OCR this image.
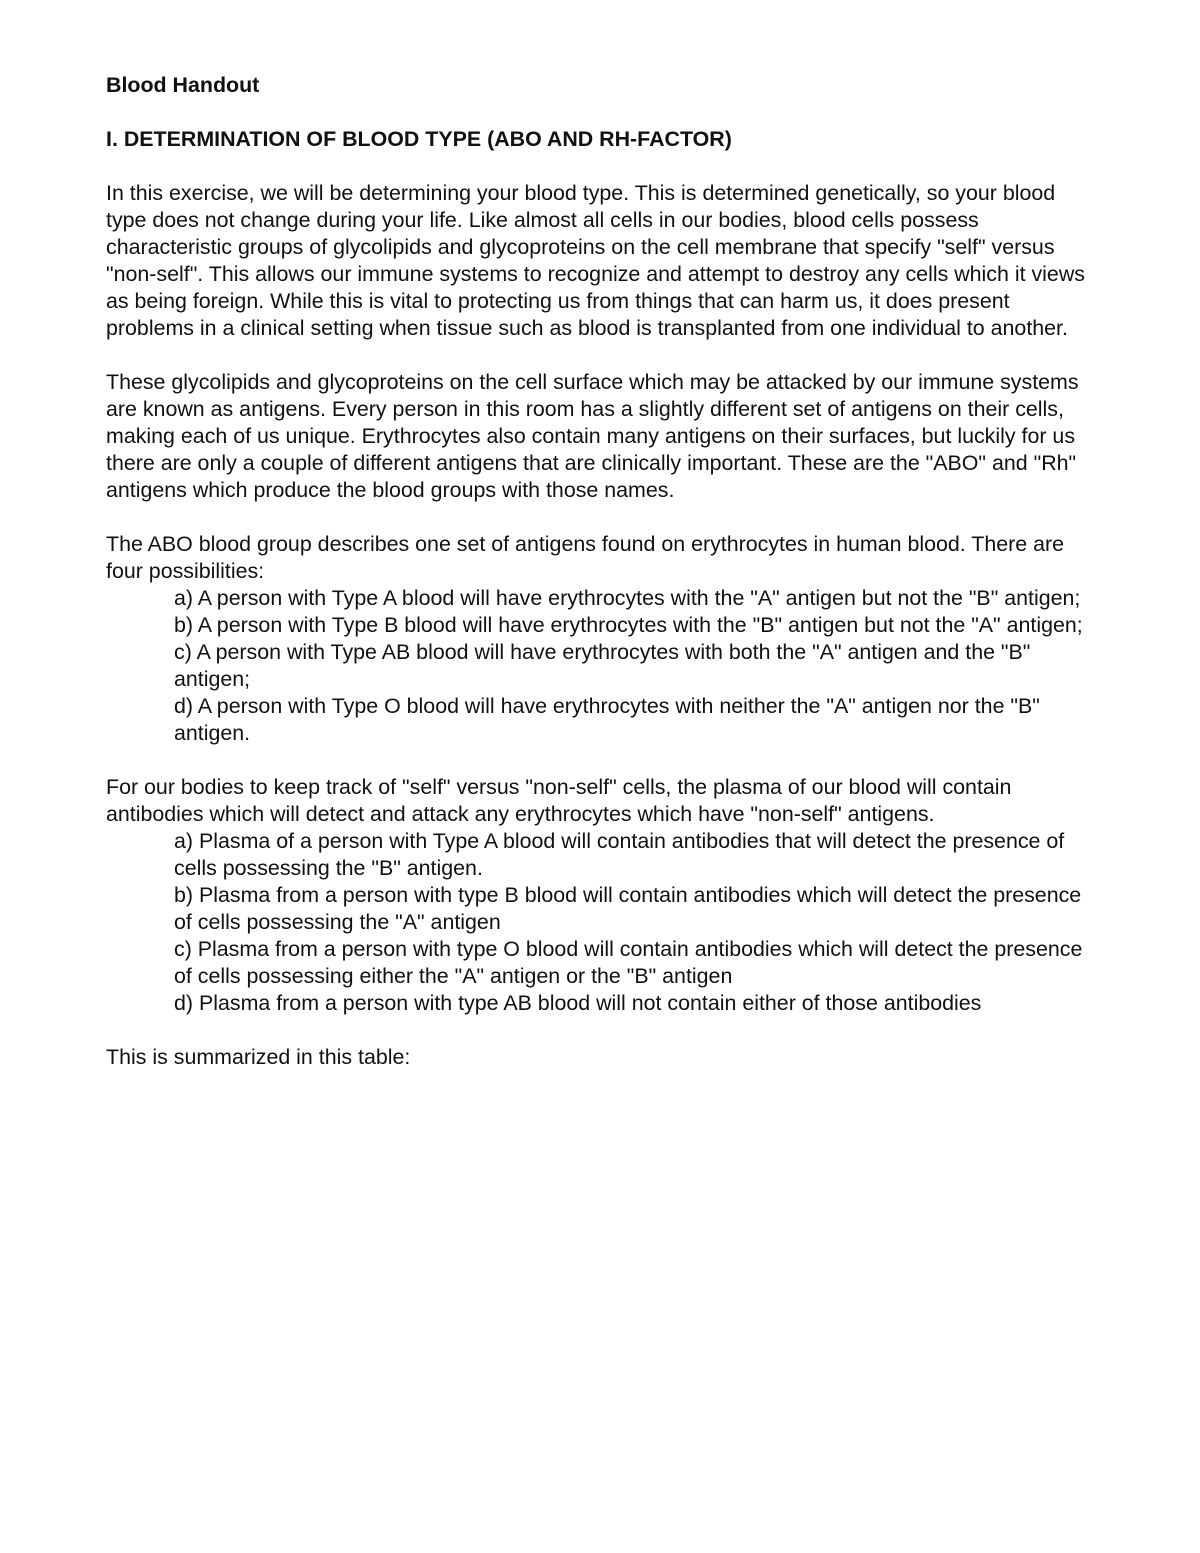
Blood Handout
I. DETERMINATION OF BLOOD TYPE (ABO AND RH-FACTOR)

In this exercise, we will be determining your blood type. This is determined genetically, so your blood type does not change during your life. Like almost all cells in our bodies, blood cells possess characteristic groups of glycolipids and glycoproteins on the cell membrane that specify "self" versus "non-self". This allows our immune systems to recognize and attempt to destroy any cells which it views as being foreign. While this is vital to protecting us from things that can harm us, it does present problems in a clinical setting when tissue such as blood is transplanted from one individual to another.

These glycolipids and glycoproteins on the cell surface which may be attacked by our immune systems are known as antigens. Every person in this room has a slightly different set of antigens on their cells, making each of us unique. Erythrocytes also contain many antigens on their surfaces, but luckily for us there are only a couple of different antigens that are clinically important. These are the "ABO" and "Rh" antigens which produce the blood groups with those names.

The ABO blood group describes one set of antigens found on erythrocytes in human blood. There are four possibilities:

a) A person with Type A blood will have erythrocytes with the "A" antigen but not the "B" antigen;
b) A person with Type B blood will have erythrocytes with the "B" antigen but not the "A" antigen;
c) A person with Type AB blood will have erythrocytes with both the "A" antigen and the "B" antigen;
d) A person with Type O blood will have erythrocytes with neither the "A" antigen nor the "B" antigen.

For our bodies to keep track of "self" versus "non-self" cells, the plasma of our blood will contain antibodies which will detect and attack any erythrocytes which have "non-self" antigens.

a) Plasma of a person with Type A blood will contain antibodies that will detect the presence of cells possessing the "B" antigen.
b) Plasma from a person with type B blood will contain antibodies which will detect the presence of cells possessing the "A" antigen
c) Plasma from a person with type O blood will contain antibodies which will detect the presence of cells possessing either the "A" antigen or the "B" antigen
d) Plasma from a person with type AB blood will not contain either of those antibodies

This is summarized in this table:
